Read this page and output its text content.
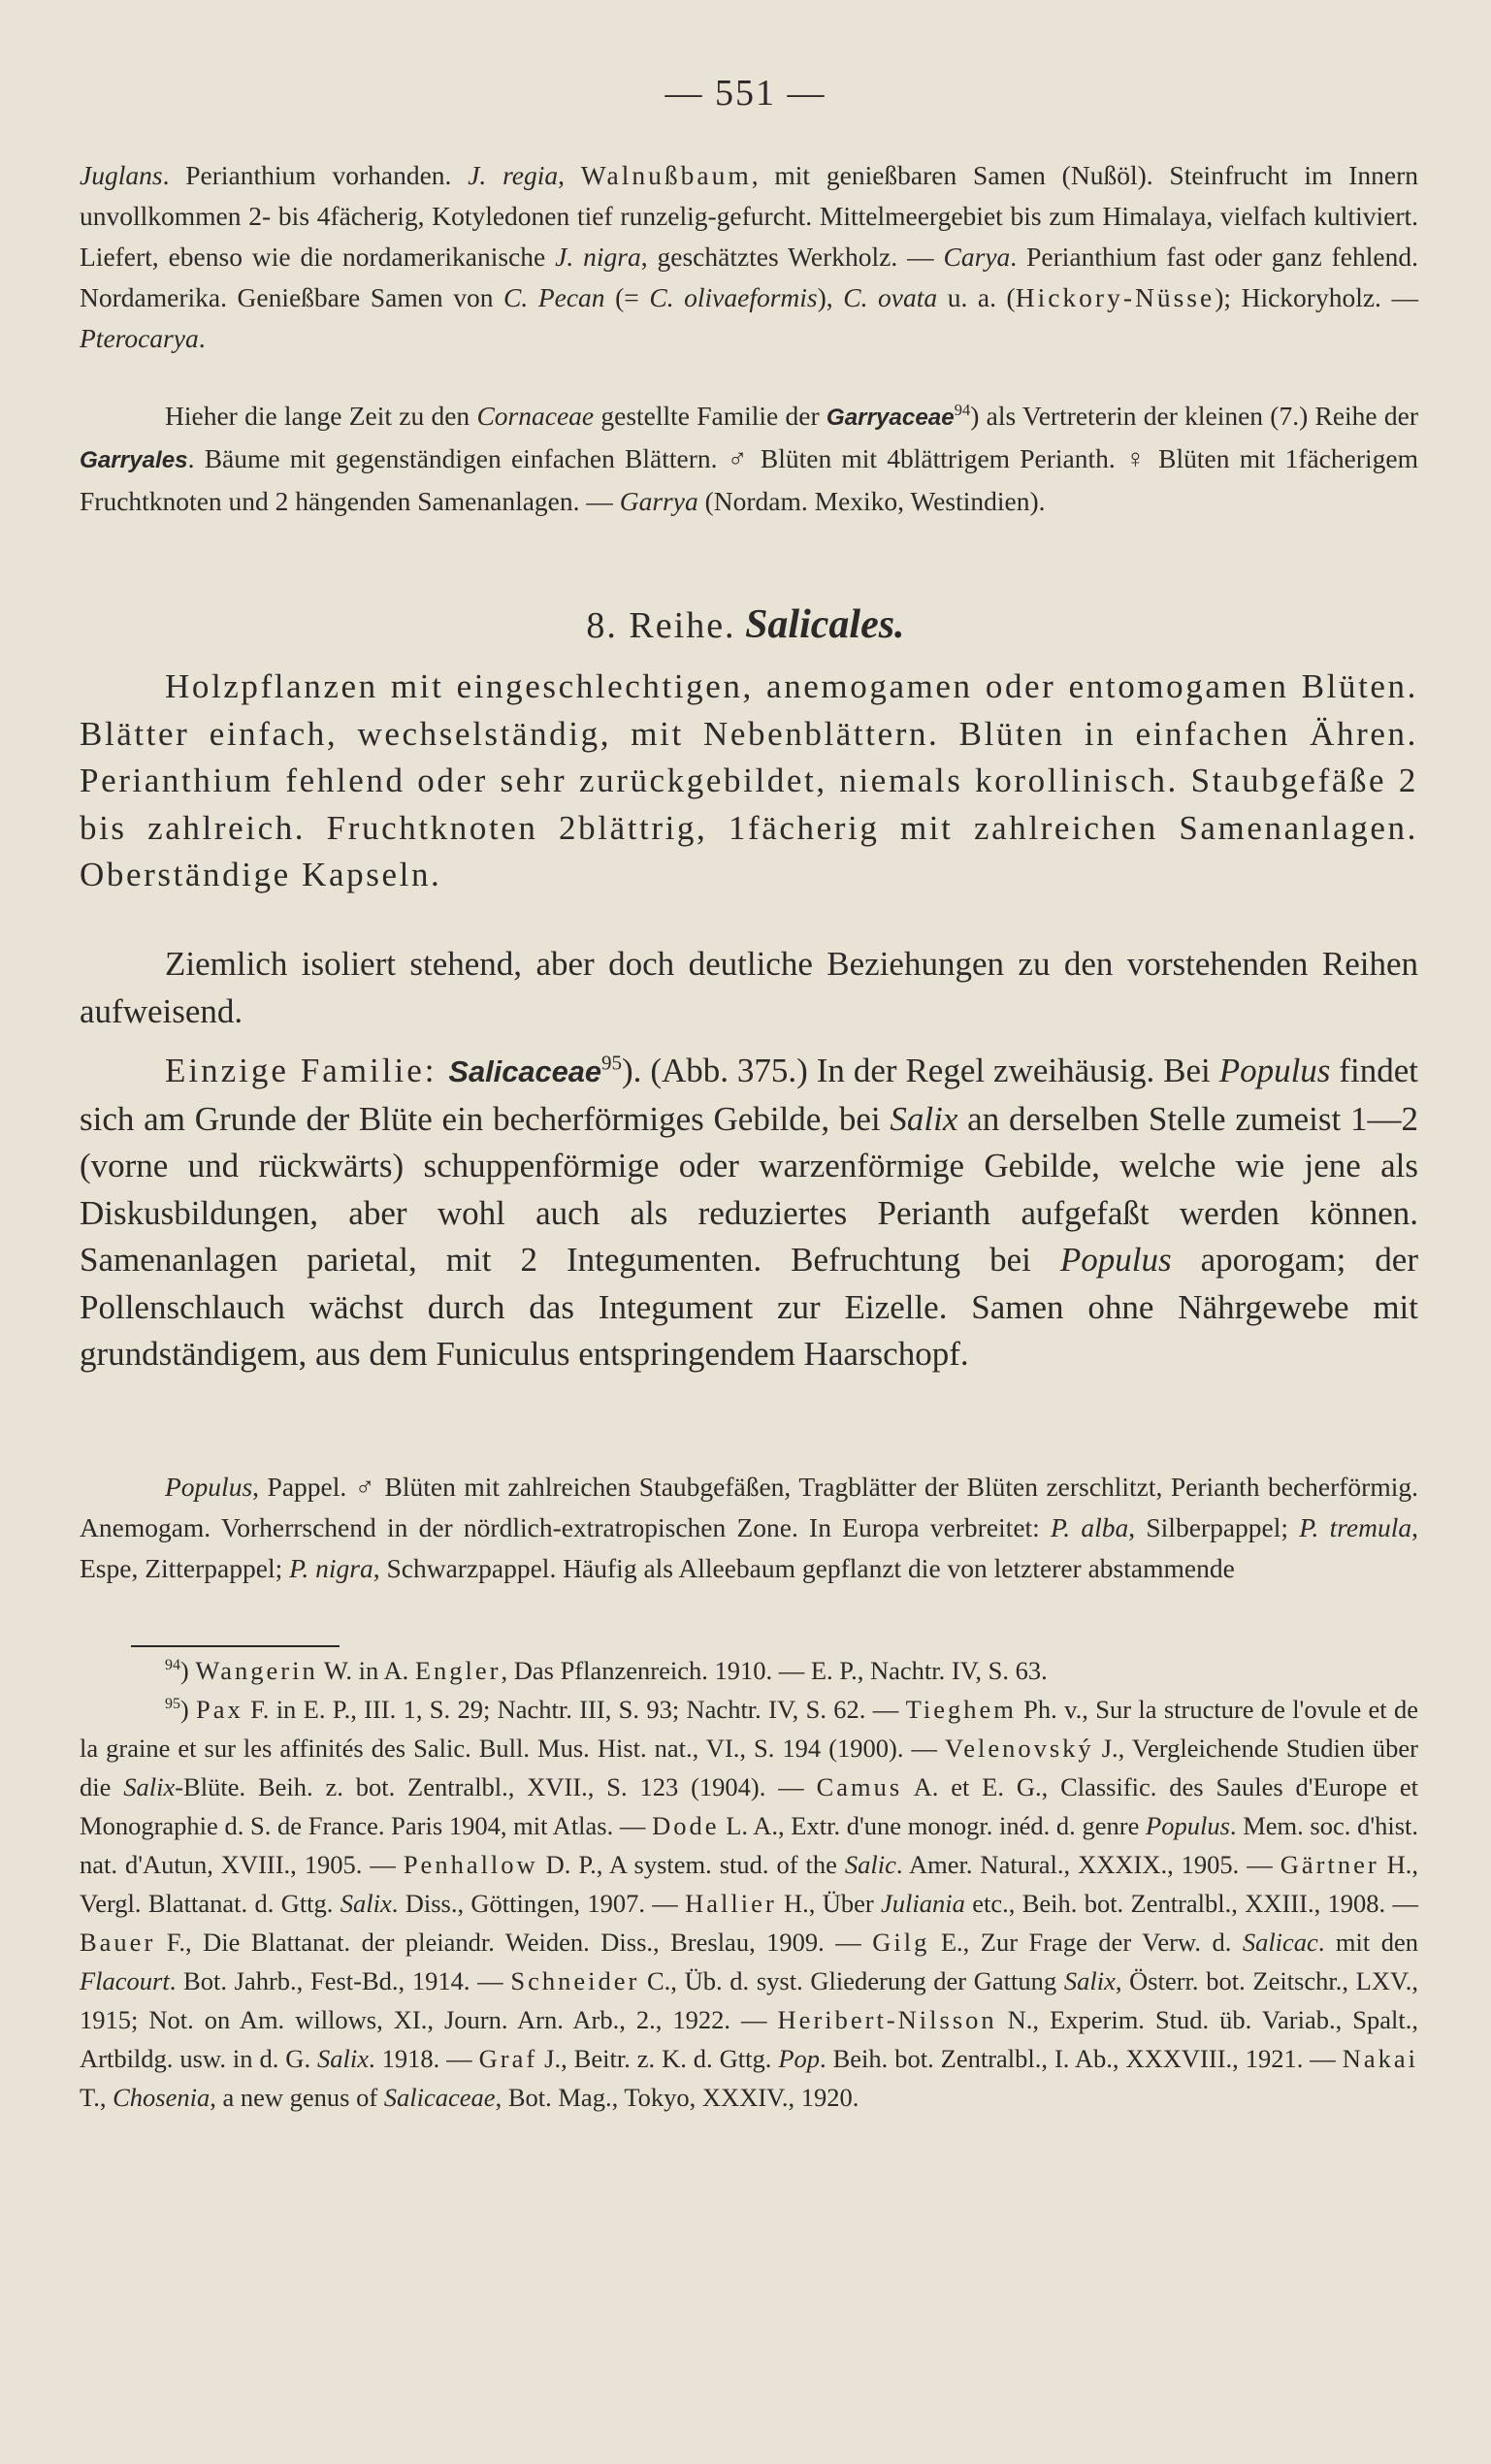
— 551 —

Juglans. Perianthium vorhanden. J. regia, Walnußbaum, mit genießbaren Samen (Nußöl). Steinfrucht im Innern unvollkommen 2- bis 4fächerig, Kotyledonen tief runzelig-gefurcht. Mittelmeergebiet bis zum Himalaya, vielfach kultiviert. Liefert, ebenso wie die nordamerikanische J. nigra, geschätztes Werkholz. — Carya. Perianthium fast oder ganz fehlend. Nordamerika. Genießbare Samen von C. Pecan (= C. olivaeformis), C. ovata u. a. (Hickory-Nüsse); Hickoryholz. — Pterocarya.

Hieher die lange Zeit zu den Cornaceae gestellte Familie der Garryaceae$^{94}$) als Vertreterin der kleinen (7.) Reihe der Garryales. Bäume mit gegenständigen einfachen Blättern. ♂ Blüten mit 4blättrigem Perianth. ♀ Blüten mit 1fächerigem Fruchtknoten und 2 hängenden Samenanlagen. — Garrya (Nordam. Mexiko, Westindien).

8. Reihe. Salicales.

Holzpflanzen mit eingeschlechtigen, anemogamen oder entomogamen Blüten. Blätter einfach, wechselständig, mit Nebenblättern. Blüten in einfachen Ähren. Perianthium fehlend oder sehr zurückgebildet, niemals korollinisch. Staubgefäße 2 bis zahlreich. Fruchtknoten 2blättrig, 1fächerig mit zahlreichen Samenanlagen. Oberständige Kapseln.

Ziemlich isoliert stehend, aber doch deutliche Beziehungen zu den vorstehenden Reihen aufweisend.

Einzige Familie: Salicaceae$^{95}$). (Abb. 375.) In der Regel zweihäusig. Bei Populus findet sich am Grunde der Blüte ein becherförmiges Gebilde, bei Salix an derselben Stelle zumeist 1—2 (vorne und rückwärts) schuppenförmige oder warzenförmige Gebilde, welche wie jene als Diskusbildungen, aber wohl auch als reduziertes Perianth aufgefaßt werden können. Samenanlagen parietal, mit 2 Integumenten. Befruchtung bei Populus aporogam; der Pollenschlauch wächst durch das Integument zur Eizelle. Samen ohne Nährgewebe mit grundständigem, aus dem Funiculus entspringendem Haarschopf.

Populus, Pappel. ♂ Blüten mit zahlreichen Staubgefäßen, Tragblätter der Blüten zerschlitzt, Perianth becherförmig. Anemogam. Vorherrschend in der nördlich-extratropischen Zone. In Europa verbreitet: P. alba, Silberpappel; P. tremula, Espe, Zitterpappel; P. nigra, Schwarzpappel. Häufig als Alleebaum gepflanzt die von letzterer abstammende

$^{94}$) Wangerin W. in A. Engler, Das Pflanzenreich. 1910. — E. P., Nachtr. IV, S. 63.

$^{95}$) Pax F. in E. P., III. 1, S. 29; Nachtr. III, S. 93; Nachtr. IV, S. 62. — Tieghem Ph. v., Sur la structure de l'ovule et de la graine et sur les affinités des Salic. Bull. Mus. Hist. nat., VI., S. 194 (1900). — Velenovský J., Vergleichende Studien über die Salix-Blüte. Beih. z. bot. Zentralbl., XVII., S. 123 (1904). — Camus A. et E. G., Classific. des Saules d'Europe et Monographie d. S. de France. Paris 1904, mit Atlas. — Dode L. A., Extr. d'une monogr. inéd. d. genre Populus. Mem. soc. d'hist. nat. d'Autun, XVIII., 1905. — Penhallow D. P., A system. stud. of the Salic. Amer. Natural., XXXIX., 1905. — Gärtner H., Vergl. Blattanat. d. Gttg. Salix. Diss., Göttingen, 1907. — Hallier H., Über Juliania etc., Beih. bot. Zentralbl., XXIII., 1908. — Bauer F., Die Blattanat. der pleiandr. Weiden. Diss., Breslau, 1909. — Gilg E., Zur Frage der Verw. d. Salicac. mit den Flacourt. Bot. Jahrb., Fest-Bd., 1914. — Schneider C., Üb. d. syst. Gliederung der Gattung Salix, Österr. bot. Zeitschr., LXV., 1915; Not. on Am. willows, XI., Journ. Arn. Arb., 2., 1922. — Heribert-Nilsson N., Experim. Stud. üb. Variab., Spalt., Artbildg. usw. in d. G. Salix. 1918. — Graf J., Beitr. z. K. d. Gttg. Pop. Beih. bot. Zentralbl., I. Ab., XXXVIII., 1921. — Nakai T., Chosenia, a new genus of Salicaceae, Bot. Mag., Tokyo, XXXIV., 1920.
